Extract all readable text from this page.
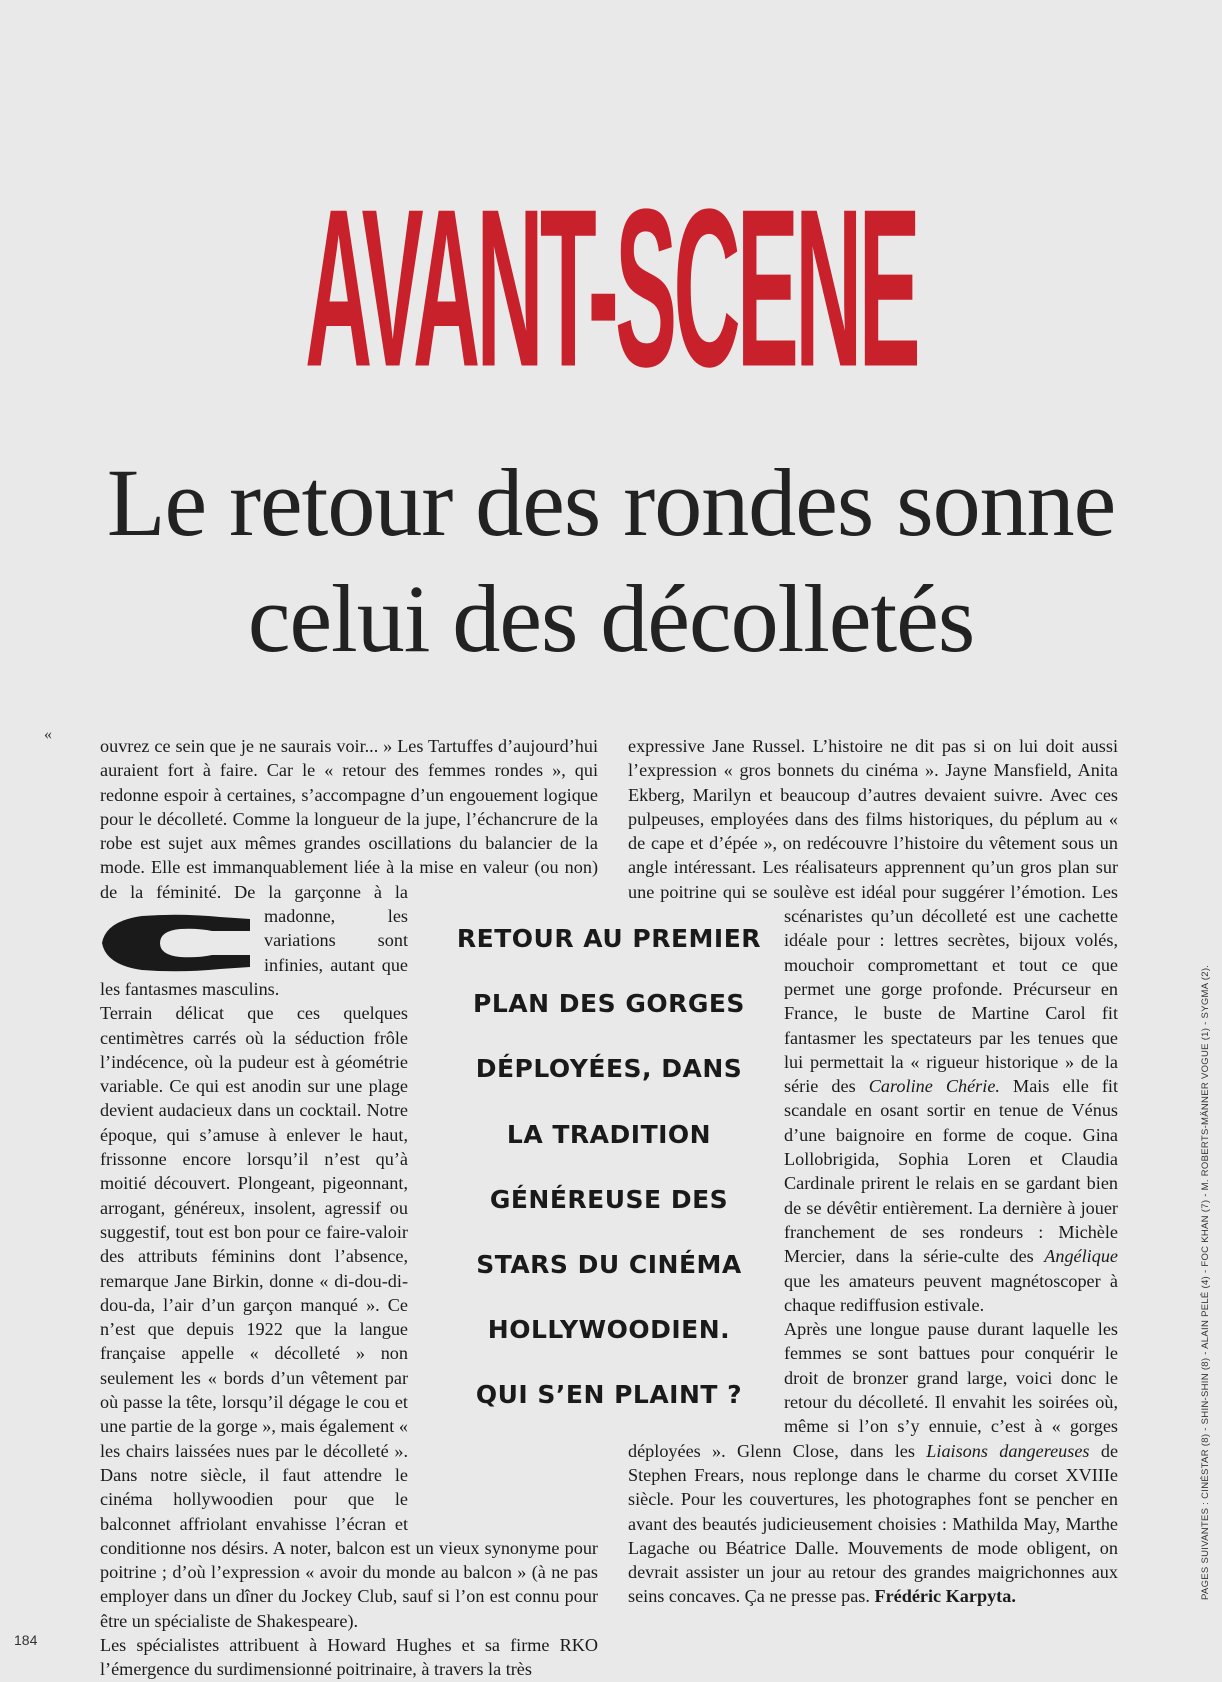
AVANT-SCENE
Le retour des rondes sonne
celui des décolletés
«

ouvrez ce sein que je ne saurais voir... » Les Tartuffes d’aujourd’hui auraient fort à faire. Car le « retour des femmes rondes », qui redonne espoir à certaines, s’accompagne d’un engouement logique pour le décolleté. Comme la longueur de la jupe, l’échancrure de la robe est sujet aux mêmes grandes oscillations du balancier de la mode. Elle est immanquablement liée à la mise en valeur (ou non) de la féminité. De la garçonne à la madonne, les variations sont infinies, autant que les fantasmes masculins.

Terrain délicat que ces quelques centimètres carrés où la séduction frôle l’indécence, où la pudeur est à géométrie variable. Ce qui est anodin sur une plage devient audacieux dans un cocktail. Notre époque, qui s’amuse à enlever le haut, frissonne encore lorsqu’il n’est qu’à moitié découvert. Plongeant, pigeonnant, arrogant, généreux, insolent, agressif ou suggestif, tout est bon pour ce faire-valoir des attributs féminins dont l’absence, remarque Jane Birkin, donne « di-dou-di-dou-da, l’air d’un garçon manqué ». Ce n’est que depuis 1922 que la langue française appelle « décolleté » non seulement les « bords d’un vêtement par où passe la tête, lorsqu’il dégage le cou et une partie de la gorge », mais également « les chairs laissées nues par le décolleté ». Dans notre siècle, il faut attendre le cinéma hollywoodien pour que le balconnet affriolant envahisse l’écran et conditionne nos désirs. A noter, balcon est un vieux synonyme pour poitrine ; d’où l’expression « avoir du monde au balcon » (à ne pas employer dans un dîner du Jockey Club, sauf si l’on est connu pour être un spécialiste de Shakespeare).

Les spécialistes attribuent à Howard Hughes et sa firme RKO l’émergence du surdimensionné poitrinaire, à travers la très

RETOUR AU PREMIER
PLAN DES GORGES
DÉPLOYÉES, DANS
LA TRADITION
GÉNÉREUSE DES
STARS DU CINÉMA
HOLLYWOODIEN.
QUI S’EN PLAINT ?

expressive Jane Russel. L’histoire ne dit pas si on lui doit aussi l’expression « gros bonnets du cinéma ». Jayne Mansfield, Anita Ekberg, Marilyn et beaucoup d’autres devaient suivre. Avec ces pulpeuses, employées dans des films historiques, du péplum au « de cape et d’épée », on redécouvre l’histoire du vêtement sous un angle intéressant. Les réalisateurs apprennent qu’un gros plan sur une poitrine qui se soulève est idéal pour suggérer l’émotion. Les scénaristes qu’un décolleté est une cachette idéale pour : lettres secrètes, bijoux volés, mouchoir compromettant et tout ce que permet une gorge profonde. Précurseur en France, le buste de Martine Carol fit fantasmer les spectateurs par les tenues que lui permettait la « rigueur historique » de la série des Caroline Chérie. Mais elle fit scandale en osant sortir en tenue de Vénus d’une baignoire en forme de coque. Gina Lollobrigida, Sophia Loren et Claudia Cardinale prirent le relais en se gardant bien de se dévêtir entièrement. La dernière à jouer franchement de ses rondeurs : Michèle Mercier, dans la série-culte des Angélique que les amateurs peuvent magnétoscoper à chaque rediffusion estivale.

Après une longue pause durant laquelle les femmes se sont battues pour conquérir le droit de bronzer grand large, voici donc le retour du décolleté. Il envahit les soirées où, même si l’on s’y ennuie, c’est à « gorges déployées ». Glenn Close, dans les Liaisons dangereuses de Stephen Frears, nous replonge dans le charme du corset XVIIIe siècle. Pour les couvertures, les photographes font se pencher en avant des beautés judicieusement choisies : Mathilda May, Marthe Lagache ou Béatrice Dalle. Mouvements de mode obligent, on devrait assister un jour au retour des grandes maigrichonnes aux seins concaves. Ça ne presse pas. Frédéric Karpyta.

184
PAGES SUIVANTES : CINÉSTAR (8) - SHIN-SHIN (8) - ALAIN PELÉ (4) - FOC KHAN (7) - M. ROBERTS-MÄNNER VOGUE (1) - SYGMA (2).
